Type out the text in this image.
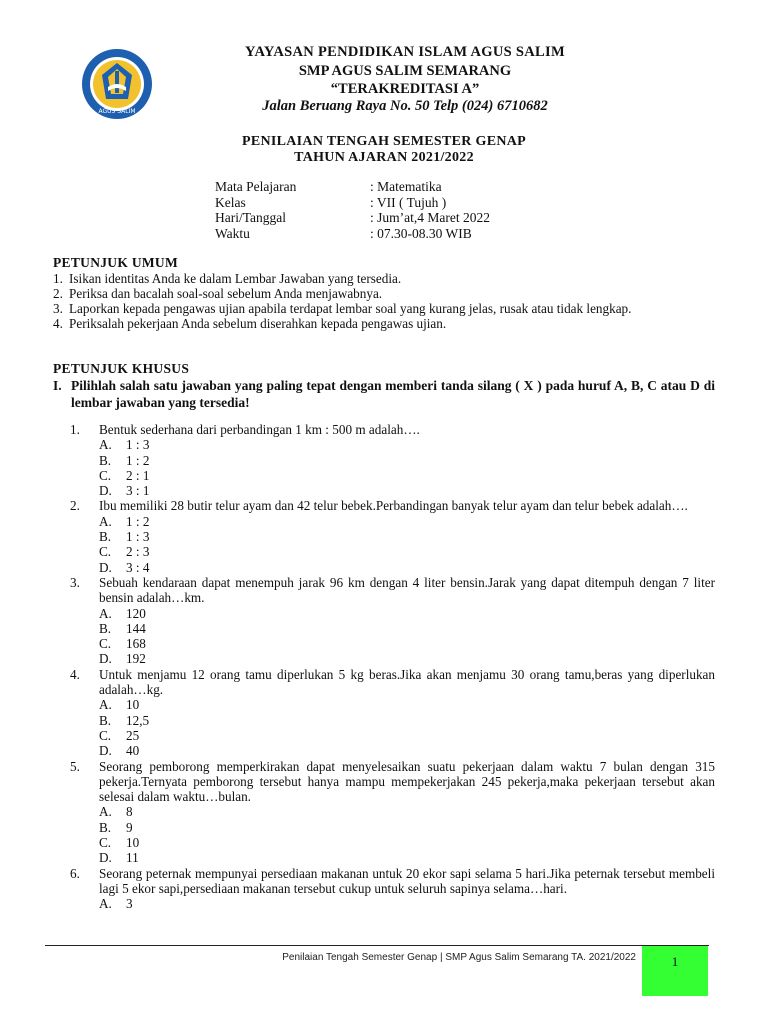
AGUS SALIM
YAYASAN PENDIDIKAN ISLAM AGUS SALIM
SMP AGUS SALIM SEMARANG
“TERAKREDITASI A”
Jalan Beruang Raya No. 50 Telp (024) 6710682
PENILAIAN TENGAH SEMESTER GENAP
TAHUN AJARAN 2021/2022
Mata Pelajaran	: Matematika
Kelas	: VII ( Tujuh )
Hari/Tanggal	: Jum’at,4 Maret 2022
Waktu	: 07.30-08.30 WIB
PETUNJUK UMUM
1. Isikan identitas Anda ke dalam Lembar Jawaban yang tersedia.
2. Periksa dan bacalah soal-soal sebelum Anda menjawabnya.
3. Laporkan kepada pengawas ujian apabila terdapat lembar soal yang kurang jelas, rusak atau tidak lengkap.
4. Periksalah pekerjaan Anda sebelum diserahkan kepada pengawas ujian.
PETUNJUK KHUSUS
I. Pilihlah salah satu jawaban yang paling tepat dengan memberi tanda silang ( X ) pada huruf A, B, C atau D di lembar jawaban yang tersedia!
1. Bentuk sederhana dari perbandingan 1 km : 500 m adalah….
A. 1 : 3
B. 1 : 2
C. 2 : 1
D. 3 : 1
2. Ibu memiliki 28 butir telur ayam dan 42 telur bebek.Perbandingan banyak telur ayam dan telur bebek adalah….
A. 1 : 2
B. 1 : 3
C. 2 : 3
D. 3 : 4
3. Sebuah kendaraan dapat menempuh jarak 96 km dengan 4 liter bensin.Jarak yang dapat ditempuh dengan 7 liter bensin adalah…km.
A. 120
B. 144
C. 168
D. 192
4. Untuk menjamu 12 orang tamu diperlukan 5 kg beras.Jika akan menjamu 30 orang tamu,beras yang diperlukan adalah…kg.
A. 10
B. 12,5
C. 25
D. 40
5. Seorang pemborong memperkirakan dapat menyelesaikan suatu pekerjaan dalam waktu 7 bulan dengan 315 pekerja.Ternyata pemborong tersebut hanya mampu mempekerjakan 245 pekerja,maka pekerjaan tersebut akan selesai dalam waktu…bulan.
A. 8
B. 9
C. 10
D. 11
6. Seorang peternak mempunyai persediaan makanan untuk 20 ekor sapi selama 5 hari.Jika peternak tersebut membeli lagi 5 ekor sapi,persediaan makanan tersebut cukup untuk seluruh sapinya selama…hari.
A. 3
Penilaian Tengah Semester Genap | SMP Agus Salim Semarang TA. 2021/2022	1
